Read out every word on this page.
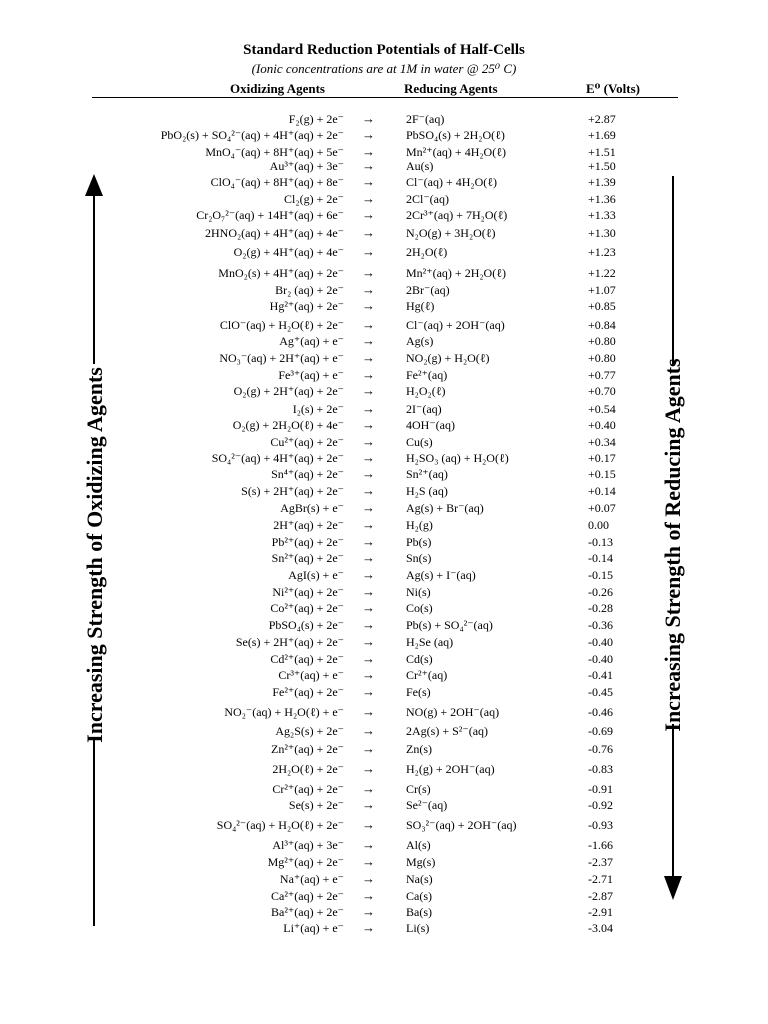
Standard Reduction Potentials of Half-Cells
(Ionic concentrations are at 1M in water @ 25⁰ C)
Oxidizing Agents	Reducing Agents	E⁰ (Volts)
F₂(g) + 2e⁻ →	2F⁻(aq)	+2.87
PbO₂(s) + SO₄²⁻(aq) + 4H⁺(aq) + 2e⁻ →	PbSO₄(s) + 2H₂O(ℓ)	+1.69
MnO₄⁻(aq) + 8H⁺(aq) + 5e⁻ →	Mn²⁺(aq) + 4H₂O(ℓ)	+1.51
Au³⁺(aq) + 3e⁻ →	Au(s)	+1.50
ClO₄⁻(aq) + 8H⁺(aq) + 8e⁻ →	Cl⁻(aq) + 4H₂O(ℓ)	+1.39
Cl₂(g) + 2e⁻ →	2Cl⁻(aq)	+1.36
Cr₂O₇²⁻(aq) + 14H⁺(aq) + 6e⁻ →	2Cr³⁺(aq) + 7H₂O(ℓ)	+1.33
2HNO₂(aq) + 4H⁺(aq) + 4e⁻ →	N₂O(g) + 3H₂O(ℓ)	+1.30
O₂(g) + 4H⁺(aq) + 4e⁻ →	2H₂O(ℓ)	+1.23
MnO₂(s) + 4H⁺(aq) + 2e⁻ →	Mn²⁺(aq) + 2H₂O(ℓ)	+1.22
Br₂ (aq) + 2e⁻ →	2Br⁻(aq)	+1.07
Hg²⁺(aq) + 2e⁻ →	Hg(ℓ)	+0.85
ClO⁻(aq) + H₂O(ℓ) + 2e⁻ →	Cl⁻(aq) + 2OH⁻(aq)	+0.84
Ag⁺(aq) + e⁻ →	Ag(s)	+0.80
NO₃⁻(aq) + 2H⁺(aq) + e⁻ →	NO₂(g) + H₂O(ℓ)	+0.80
Fe³⁺(aq) + e⁻ →	Fe²⁺(aq)	+0.77
O₂(g) + 2H⁺(aq) + 2e⁻ →	H₂O₂(ℓ)	+0.70
I₂(s) + 2e⁻ →	2I⁻(aq)	+0.54
O₂(g) + 2H₂O(ℓ) + 4e⁻ →	4OH⁻(aq)	+0.40
Cu²⁺(aq) + 2e⁻ →	Cu(s)	+0.34
SO₄²⁻(aq) + 4H⁺(aq) + 2e⁻ →	H₂SO₃ (aq) + H₂O(ℓ)	+0.17
Sn⁴⁺(aq) + 2e⁻ →	Sn²⁺(aq)	+0.15
S(s) + 2H⁺(aq) + 2e⁻ →	H₂S (aq)	+0.14
AgBr(s) + e⁻ →	Ag(s) + Br⁻(aq)	+0.07
2H⁺(aq) + 2e⁻ →	H₂(g)	0.00
Pb²⁺(aq) + 2e⁻ →	Pb(s)	-0.13
Sn²⁺(aq) + 2e⁻ →	Sn(s)	-0.14
AgI(s) + e⁻ →	Ag(s) + I⁻(aq)	-0.15
Ni²⁺(aq) + 2e⁻ →	Ni(s)	-0.26
Co²⁺(aq) + 2e⁻ →	Co(s)	-0.28
PbSO₄(s) + 2e⁻ →	Pb(s) + SO₄²⁻(aq)	-0.36
Se(s) + 2H⁺(aq) + 2e⁻ →	H₂Se (aq)	-0.40
Cd²⁺(aq) + 2e⁻ →	Cd(s)	-0.40
Cr³⁺(aq) + e⁻ →	Cr²⁺(aq)	-0.41
Fe²⁺(aq) + 2e⁻ →	Fe(s)	-0.45
NO₂⁻(aq) + H₂O(ℓ) + e⁻ →	NO(g) + 2OH⁻(aq)	-0.46
Ag₂S(s) + 2e⁻ →	2Ag(s) + S²⁻(aq)	-0.69
Zn²⁺(aq) + 2e⁻ →	Zn(s)	-0.76
2H₂O(ℓ) + 2e⁻ →	H₂(g) + 2OH⁻(aq)	-0.83
Cr²⁺(aq) + 2e⁻ →	Cr(s)	-0.91
Se(s) + 2e⁻ →	Se²⁻(aq)	-0.92
SO₄²⁻(aq) + H₂O(ℓ) + 2e⁻ →	SO₃²⁻(aq) + 2OH⁻(aq)	-0.93
Al³⁺(aq) + 3e⁻ →	Al(s)	-1.66
Mg²⁺(aq) + 2e⁻ →	Mg(s)	-2.37
Na⁺(aq) + e⁻ →	Na(s)	-2.71
Ca²⁺(aq) + 2e⁻ →	Ca(s)	-2.87
Ba²⁺(aq) + 2e⁻ →	Ba(s)	-2.91
Li⁺(aq) + e⁻ →	Li(s)	-3.04
Increasing Strength of Oxidizing Agents	Increasing Strength of Reducing Agents
